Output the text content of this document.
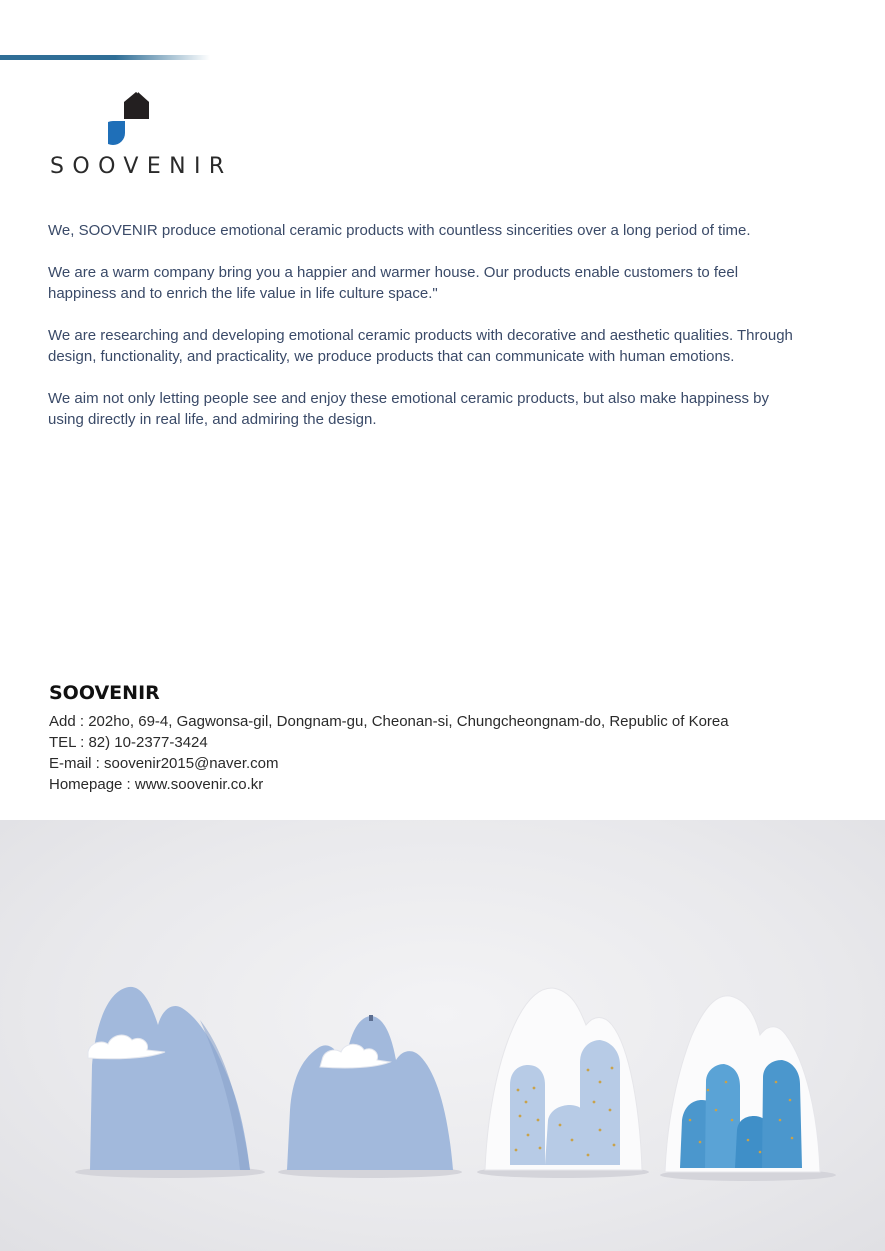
SOOVENIR

We, SOOVENIR produce emotional ceramic products with countless sincerities over a long period of time.

We are a warm company bring you a happier and warmer house. Our products enable customers to feel happiness and to enrich the life value in life culture space."

We are researching and developing emotional ceramic products with decorative and aesthetic qualities. Through design, functionality, and practicality, we produce products that can communicate with human emotions.

We aim not only letting people see and enjoy these emotional ceramic products, but also make happiness by using directly in real life, and admiring the design.

SOOVENIR
Add : 202ho, 69-4, Gagwonsa-gil, Dongnam-gu, Cheonan-si, Chungcheongnam-do, Republic of Korea
TEL : 82) 10-2377-3424
E-mail : soovenir2015@naver.com
Homepage : www.soovenir.co.kr
